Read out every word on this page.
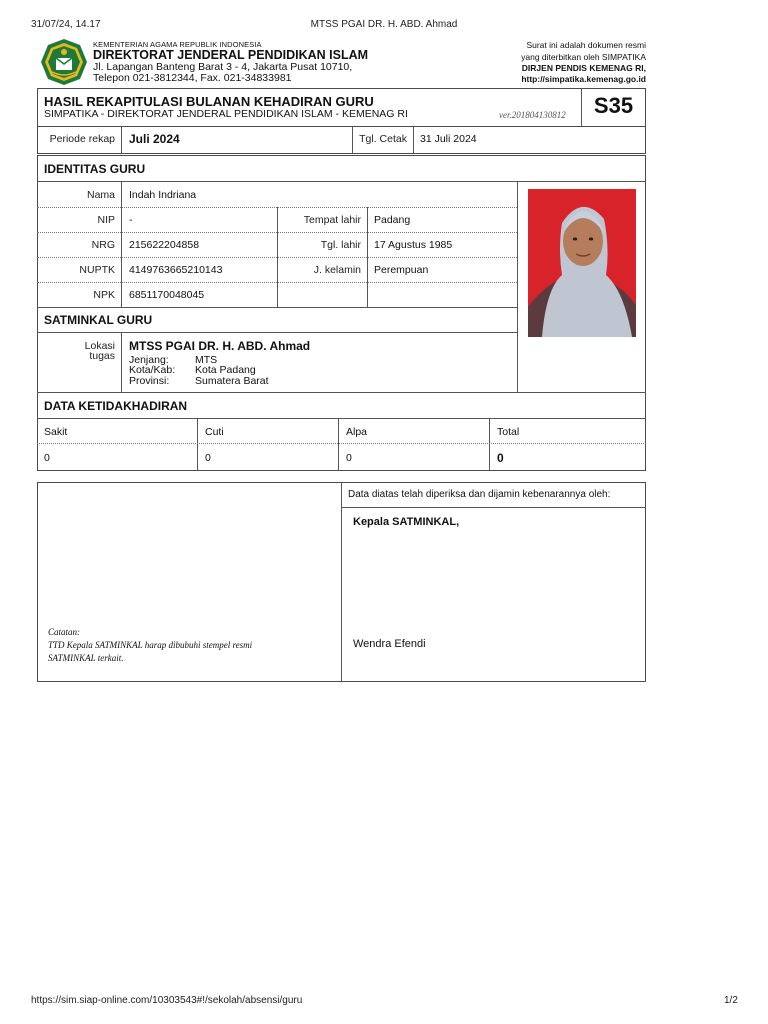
31/07/24, 14.17	MTSS PGAI DR. H. ABD. Ahmad
KEMENTERIAN AGAMA REPUBLIK INDONESIA
DIREKTORAT JENDERAL PENDIDIKAN ISLAM
Jl. Lapangan Banteng Barat 3 - 4, Jakarta Pusat 10710,
Telepon 021-3812344, Fax. 021-34833981
Surat ini adalah dokumen resmi
yang diterbitkan oleh SIMPATIKA
DIRJEN PENDIS KEMENAG RI,
http://simpatika.kemenag.go.id
HASIL REKAPITULASI BULANAN KEHADIRAN GURU
SIMPATIKA - DIREKTORAT JENDERAL PENDIDIKAN ISLAM - KEMENAG RI	ver.201804130812	S35
Periode rekap Juli 2024	Tgl. Cetak 31 Juli 2024
IDENTITAS GURU
Nama Indah Indriana
NIP -	Tempat lahir Padang
NRG 215622204858	Tgl. lahir 17 Agustus 1985
NUPTK 4149763665210143	J. kelamin Perempuan
NPK 6851170048045
SATMINKAL GURU
Lokasi
tugas
MTSS PGAI DR. H. ABD. Ahmad
Jenjang:	MTS
Kota/Kab: Kota Padang
Provinsi: Sumatera Barat
DATA KETIDAKHADIRAN
Sakit	Cuti	Alpa	Total
0	0	0	0
Data diatas telah diperiksa dan dijamin kebenarannya oleh:
Kepala SATMINKAL,
Wendra Efendi
Catatan:
TTD Kepala SATMINKAL harap dibubuhi stempel resmi
SATMINKAL terkait.
https://sim.siap-online.com/10303543#!/sekolah/absensi/guru	1/2
